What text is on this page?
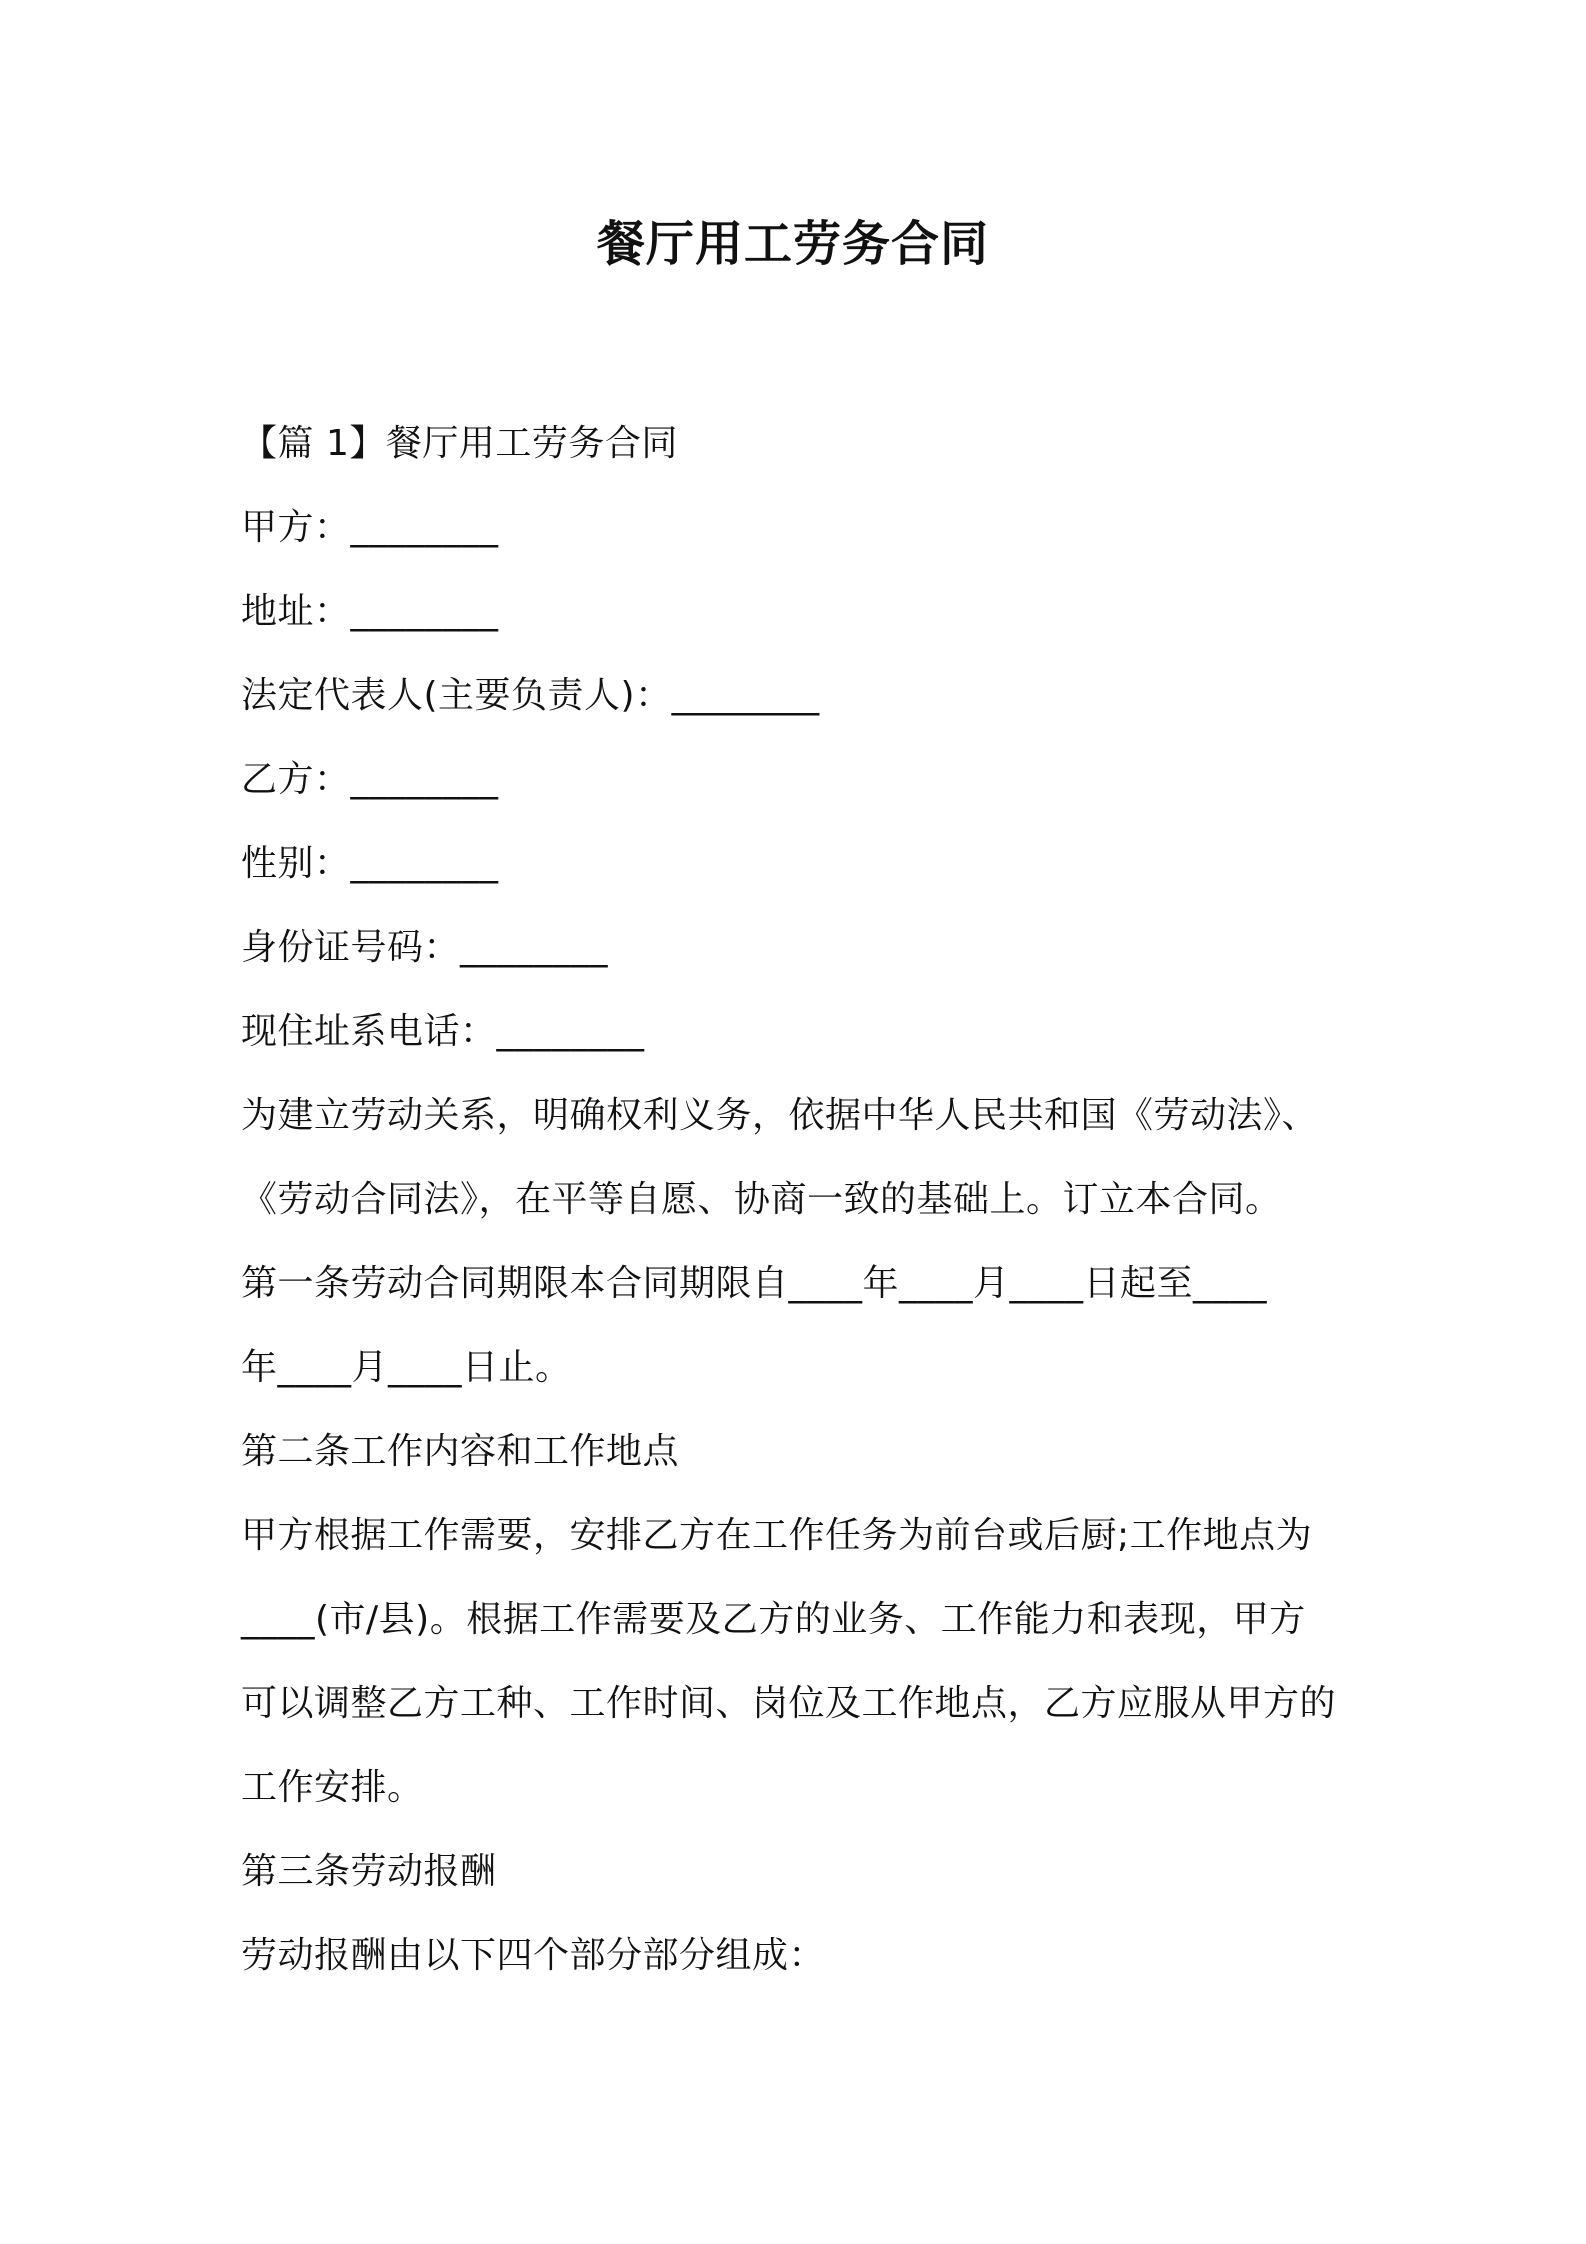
餐厅用工劳务合同
【篇 1】餐厅用工劳务合同
甲方：________
地址：________
法定代表人(主要负责人)：________
乙方：________
性别：________
身份证号码：________
现住址系电话：________
为建立劳动关系，明确权利义务，依据中华人民共和国《劳动法》、
《劳动合同法》，在平等自愿、协商一致的基础上。订立本合同。
第一条劳动合同期限本合同期限自____年____月____日起至____
年____月____日止。
第二条工作内容和工作地点
甲方根据工作需要，安排乙方在工作任务为前台或后厨;工作地点为
____(市/县)。根据工作需要及乙方的业务、工作能力和表现，甲方
可以调整乙方工种、工作时间、岗位及工作地点，乙方应服从甲方的
工作安排。
第三条劳动报酬
劳动报酬由以下四个部分部分组成：
